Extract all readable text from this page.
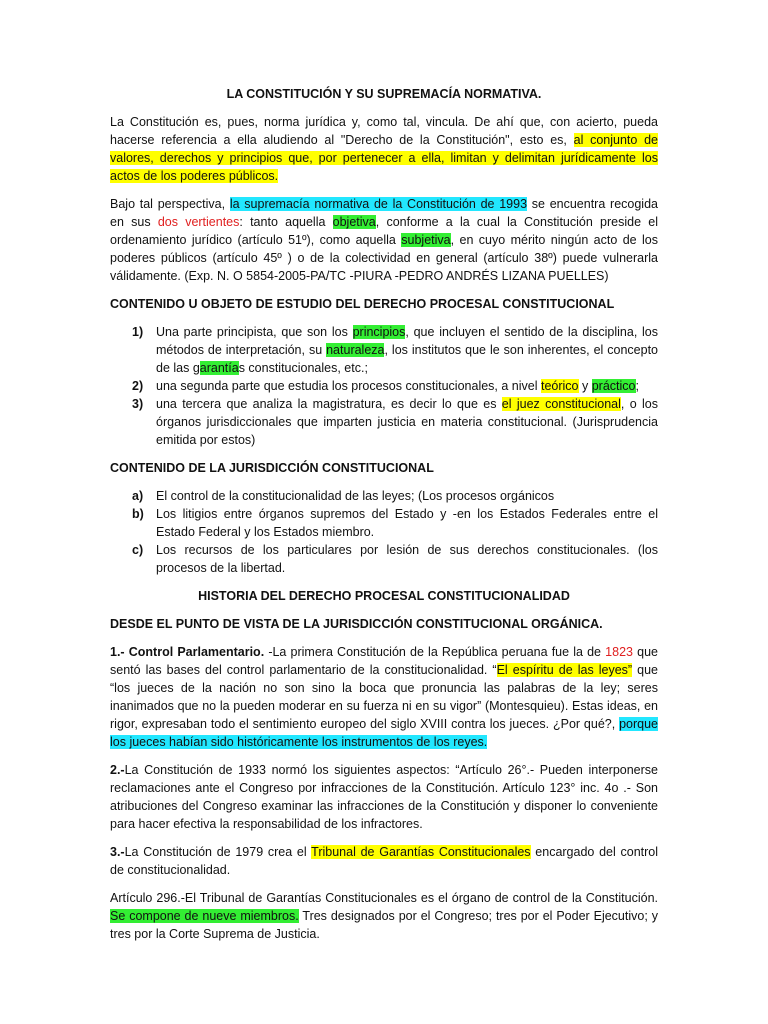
LA CONSTITUCIÓN Y SU SUPREMACÍA NORMATIVA.

La Constitución es, pues, norma jurídica y, como tal, vincula. De ahí que, con acierto, pueda hacerse referencia a ella aludiendo al "Derecho de la Constitución", esto es, al conjunto de valores, derechos y principios que, por pertenecer a ella, limitan y delimitan jurídicamente los actos de los poderes públicos.

Bajo tal perspectiva, la supremacía normativa de la Constitución de 1993 se encuentra recogida en sus dos vertientes: tanto aquella objetiva, conforme a la cual la Constitución preside el ordenamiento jurídico (artículo 51º), como aquella subjetiva, en cuyo mérito ningún acto de los poderes públicos (artículo 45º ) o de la colectividad en general (artículo 38º) puede vulnerarla válidamente. (Exp. N. O 5854-2005-PA/TC -PIURA -PEDRO ANDRÉS LIZANA PUELLES)

CONTENIDO U OBJETO DE ESTUDIO DEL DERECHO PROCESAL CONSTITUCIONAL
1) Una parte principista, que son los principios, que incluyen el sentido de la disciplina, los métodos de interpretación, su naturaleza, los institutos que le son inherentes, el concepto de las garantías constitucionales, etc.;
2) una segunda parte que estudia los procesos constitucionales, a nivel teórico y práctico;
3) una tercera que analiza la magistratura, es decir lo que es el juez constitucional, o los órganos jurisdiccionales que imparten justicia en materia constitucional. (Jurisprudencia emitida por estos)
CONTENIDO DE LA JURISDICCIÓN CONSTITUCIONAL
a) El control de la constitucionalidad de las leyes; (Los procesos orgánicos
b) Los litigios entre órganos supremos del Estado y -en los Estados Federales entre el Estado Federal y los Estados miembro.
c) Los recursos de los particulares por lesión de sus derechos constitucionales. (los procesos de la libertad.
HISTORIA DEL DERECHO PROCESAL CONSTITUCIONALIDAD
DESDE EL PUNTO DE VISTA DE LA JURISDICCIÓN CONSTITUCIONAL ORGÁNICA.

1.- Control Parlamentario. -La primera Constitución de la República peruana fue la de 1823 que sentó las bases del control parlamentario de la constitucionalidad. “El espíritu de las leyes” que “los jueces de la nación no son sino la boca que pronuncia las palabras de la ley; seres inanimados que no la pueden moderar en su fuerza ni en su vigor” (Montesquieu). Estas ideas, en rigor, expresaban todo el sentimiento europeo del siglo XVIII contra los jueces. ¿Por qué?, porque los jueces habían sido históricamente los instrumentos de los reyes.

2.-La Constitución de 1933 normó los siguientes aspectos: “Artículo 26°.- Pueden interponerse reclamaciones ante el Congreso por infracciones de la Constitución. Artículo 123° inc. 4o .- Son atribuciones del Congreso examinar las infracciones de la Constitución y disponer lo conveniente para hacer efectiva la responsabilidad de los infractores.

3.-La Constitución de 1979 crea el Tribunal de Garantías Constitucionales encargado del control de constitucionalidad.

Artículo 296.-El Tribunal de Garantías Constitucionales es el órgano de control de la Constitución. Se compone de nueve miembros. Tres designados por el Congreso; tres por el Poder Ejecutivo; y tres por la Corte Suprema de Justicia.
